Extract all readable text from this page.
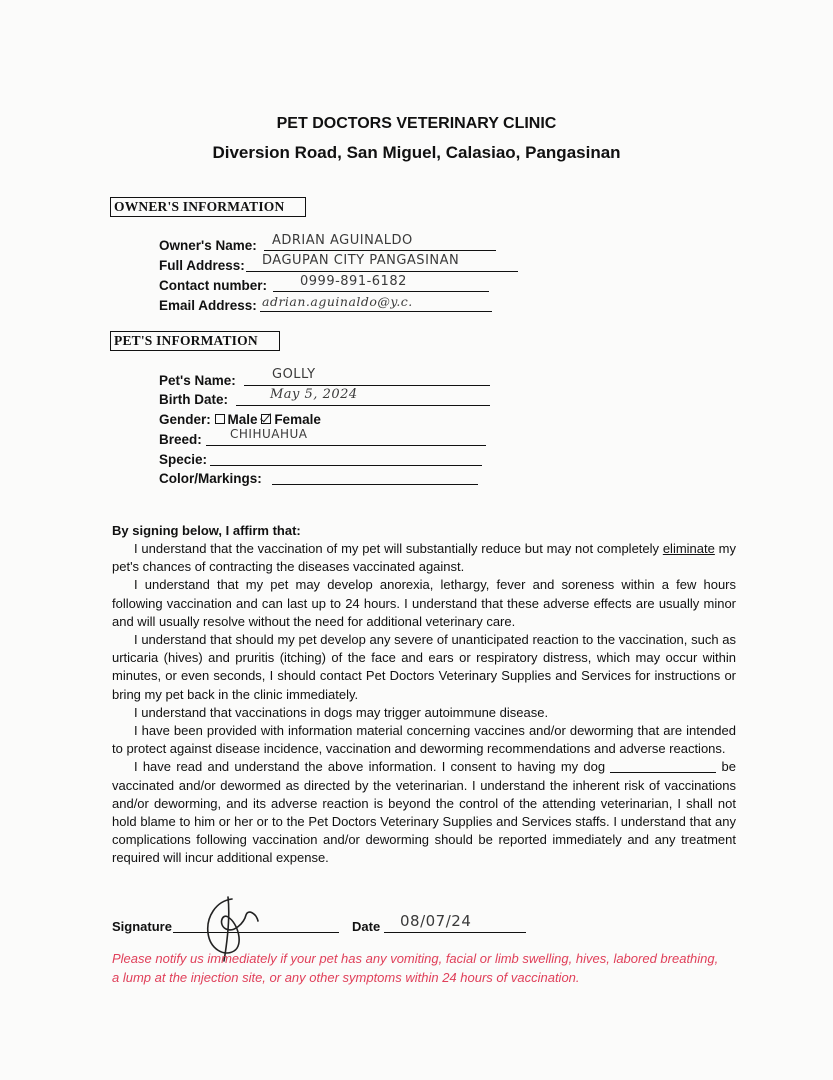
PET DOCTORS VETERINARY CLINIC
Diversion Road, San Miguel, Calasiao, Pangasinan
OWNER'S INFORMATION
Owner's Name: ADRIAN AGUINALDO
Full Address: DAGUPAN CITY PANGASINAN
Contact number:	0999-891-6182
Email Address: adrian.aguinaldo@y.c.
PET'S INFORMATION
Pet's Name:	GOLLY
Birth Date:	May 5, 2024
Gender: Male Female
Breed: CHIHUAHUA
Specie:
Color/Markings:
By signing below, I affirm that:

I understand that the vaccination of my pet will substantially reduce but may not completely eliminate my pet's chances of contracting the diseases vaccinated against.

I understand that my pet may develop anorexia, lethargy, fever and soreness within a few hours following vaccination and can last up to 24 hours. I understand that these adverse effects are usually minor and will usually resolve without the need for additional veterinary care.

I understand that should my pet develop any severe of unanticipated reaction to the vaccination, such as urticaria (hives) and pruritis (itching) of the face and ears or respiratory distress, which may occur within minutes, or even seconds, I should contact Pet Doctors Veterinary Supplies and Services for instructions or bring my pet back in the clinic immediately.

I understand that vaccinations in dogs may trigger autoimmune disease.

I have been provided with information material concerning vaccines and/or deworming that are intended to protect against disease incidence, vaccination and deworming recommendations and adverse reactions.

I have read and understand the above information. I consent to having my dog	be vaccinated and/or dewormed as directed by the veterinarian. I understand the inherent risk of vaccinations and/or deworming, and its adverse reaction is beyond the control of the attending veterinarian, I shall not hold blame to him or her or to the Pet Doctors Veterinary Supplies and Services staffs. I understand that any complications following vaccination and/or deworming should be reported immediately and any treatment required will incur additional expense.

Signature	Date 08/07/24
Please notify us immediately if your pet has any vomiting, facial or limb swelling, hives, labored breathing, a lump at the injection site, or any other symptoms within 24 hours of vaccination.
